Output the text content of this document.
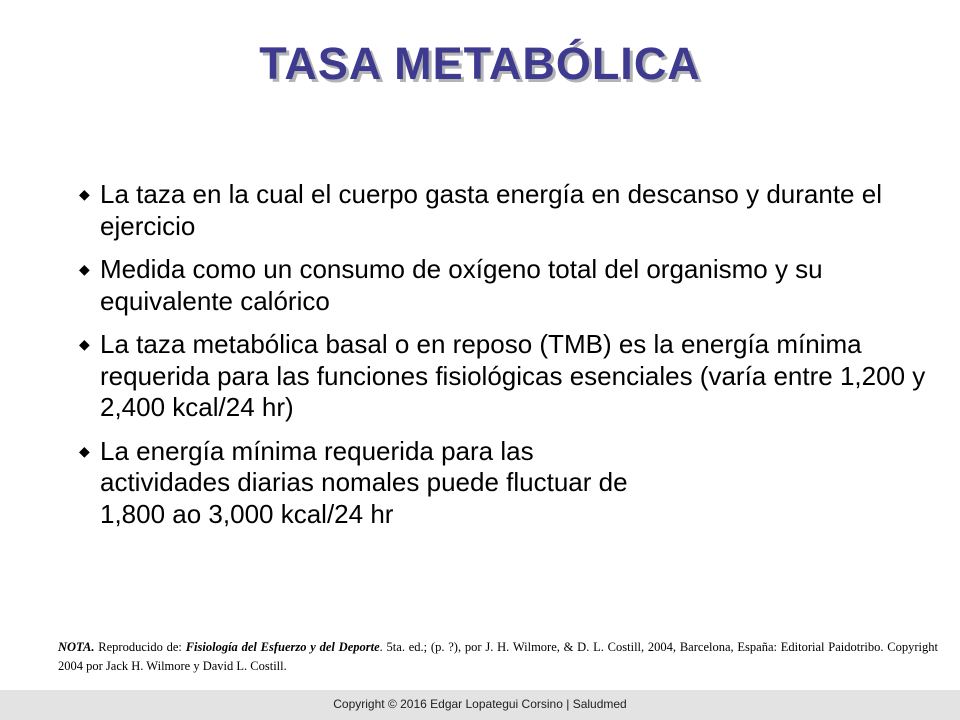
TASA METABÓLICA
◆ La taza en la cual el cuerpo gasta energía en descanso y durante el ejercicio
◆ Medida como un consumo de oxígeno total del organismo y su equivalente calórico
◆ La taza metabólica basal o en reposo (TMB) es la energía mínima requerida para las funciones fisiológicas esenciales (varía entre 1,200 y 2,400 kcal/24 hr)
◆ La energía mínima requerida para las actividades diarias nomales puede fluctuar de 1,800 ao 3,000 kcal/24 hr
NOTA. Reproducido de: Fisiología del Esfuerzo y del Deporte. 5ta. ed.; (p. ?), por J. H. Wilmore, & D. L. Costill, 2004, Barcelona, España: Editorial Paidotribo. Copyright 2004 por Jack H. Wilmore y David L. Costill.
Copyright © 2016 Edgar Lopategui Corsino | Saludmed
